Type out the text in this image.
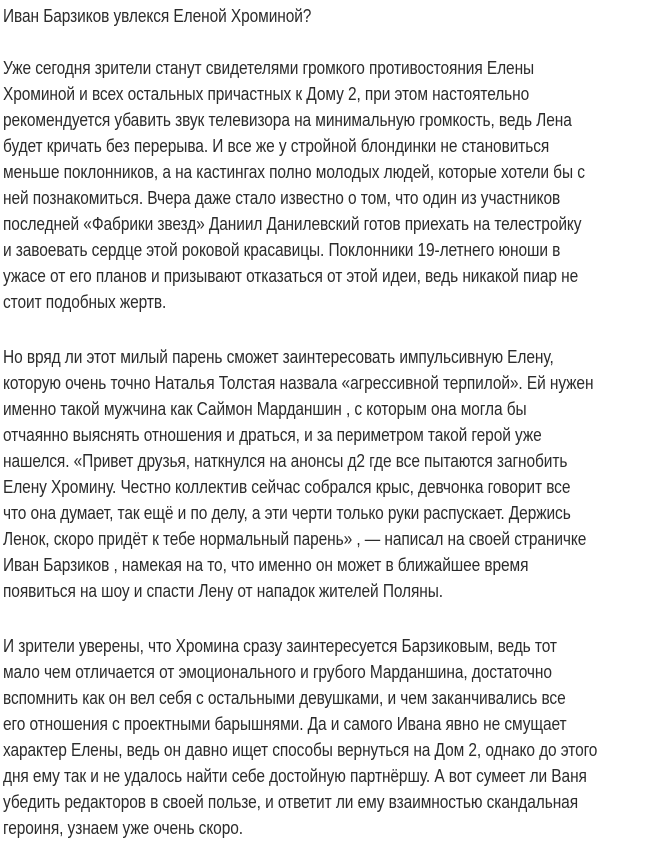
Иван Барзиков увлекся Еленой Хроминой?

Уже сегодня зрители станут свидетелями громкого противостояния Елены
Хроминой и всех остальных причастных к Дому 2, при этом настоятельно
рекомендуется убавить звук телевизора на минимальную громкость, ведь Лена
будет кричать без перерыва. И все же у стройной блондинки не становиться
меньше поклонников, а на кастингах полно молодых людей, которые хотели бы с
ней познакомиться. Вчера даже стало известно о том, что один из участников
последней «Фабрики звезд» Даниил Данилевский готов приехать на телестройку
и завоевать сердце этой роковой красавицы. Поклонники 19-летнего юноши в
ужасе от его планов и призывают отказаться от этой идеи, ведь никакой пиар не
стоит подобных жертв.

Но вряд ли этот милый парень сможет заинтересовать импульсивную Елену,
которую очень точно Наталья Толстая назвала «агрессивной терпилой». Ей нужен
именно такой мужчина как Саймон Марданшин , с которым она могла бы
отчаянно выяснять отношения и драться, и за периметром такой герой уже
нашелся. «Привет друзья, наткнулся на анонсы д2 где все пытаются загнобить
Елену Хромину. Честно коллектив сейчас собрался крыс, девчонка говорит все
что она думает, так ещё и по делу, а эти черти только руки распускает. Держись
Ленок, скоро придёт к тебе нормальный парень» , — написал на своей страничке
Иван Барзиков , намекая на то, что именно он может в ближайшее время
появиться на шоу и спасти Лену от нападок жителей Поляны.

И зрители уверены, что Хромина сразу заинтересуется Барзиковым, ведь тот
мало чем отличается от эмоционального и грубого Марданшина, достаточно
вспомнить как он вел себя с остальными девушками, и чем заканчивались все
его отношения с проектными барышнями. Да и самого Ивана явно не смущает
характер Елены, ведь он давно ищет способы вернуться на Дом 2, однако до этого
дня ему так и не удалось найти себе достойную партнёршу. А вот сумеет ли Ваня
убедить редакторов в своей пользе, и ответит ли ему взаимностью скандальная
героиня, узнаем уже очень скоро.
